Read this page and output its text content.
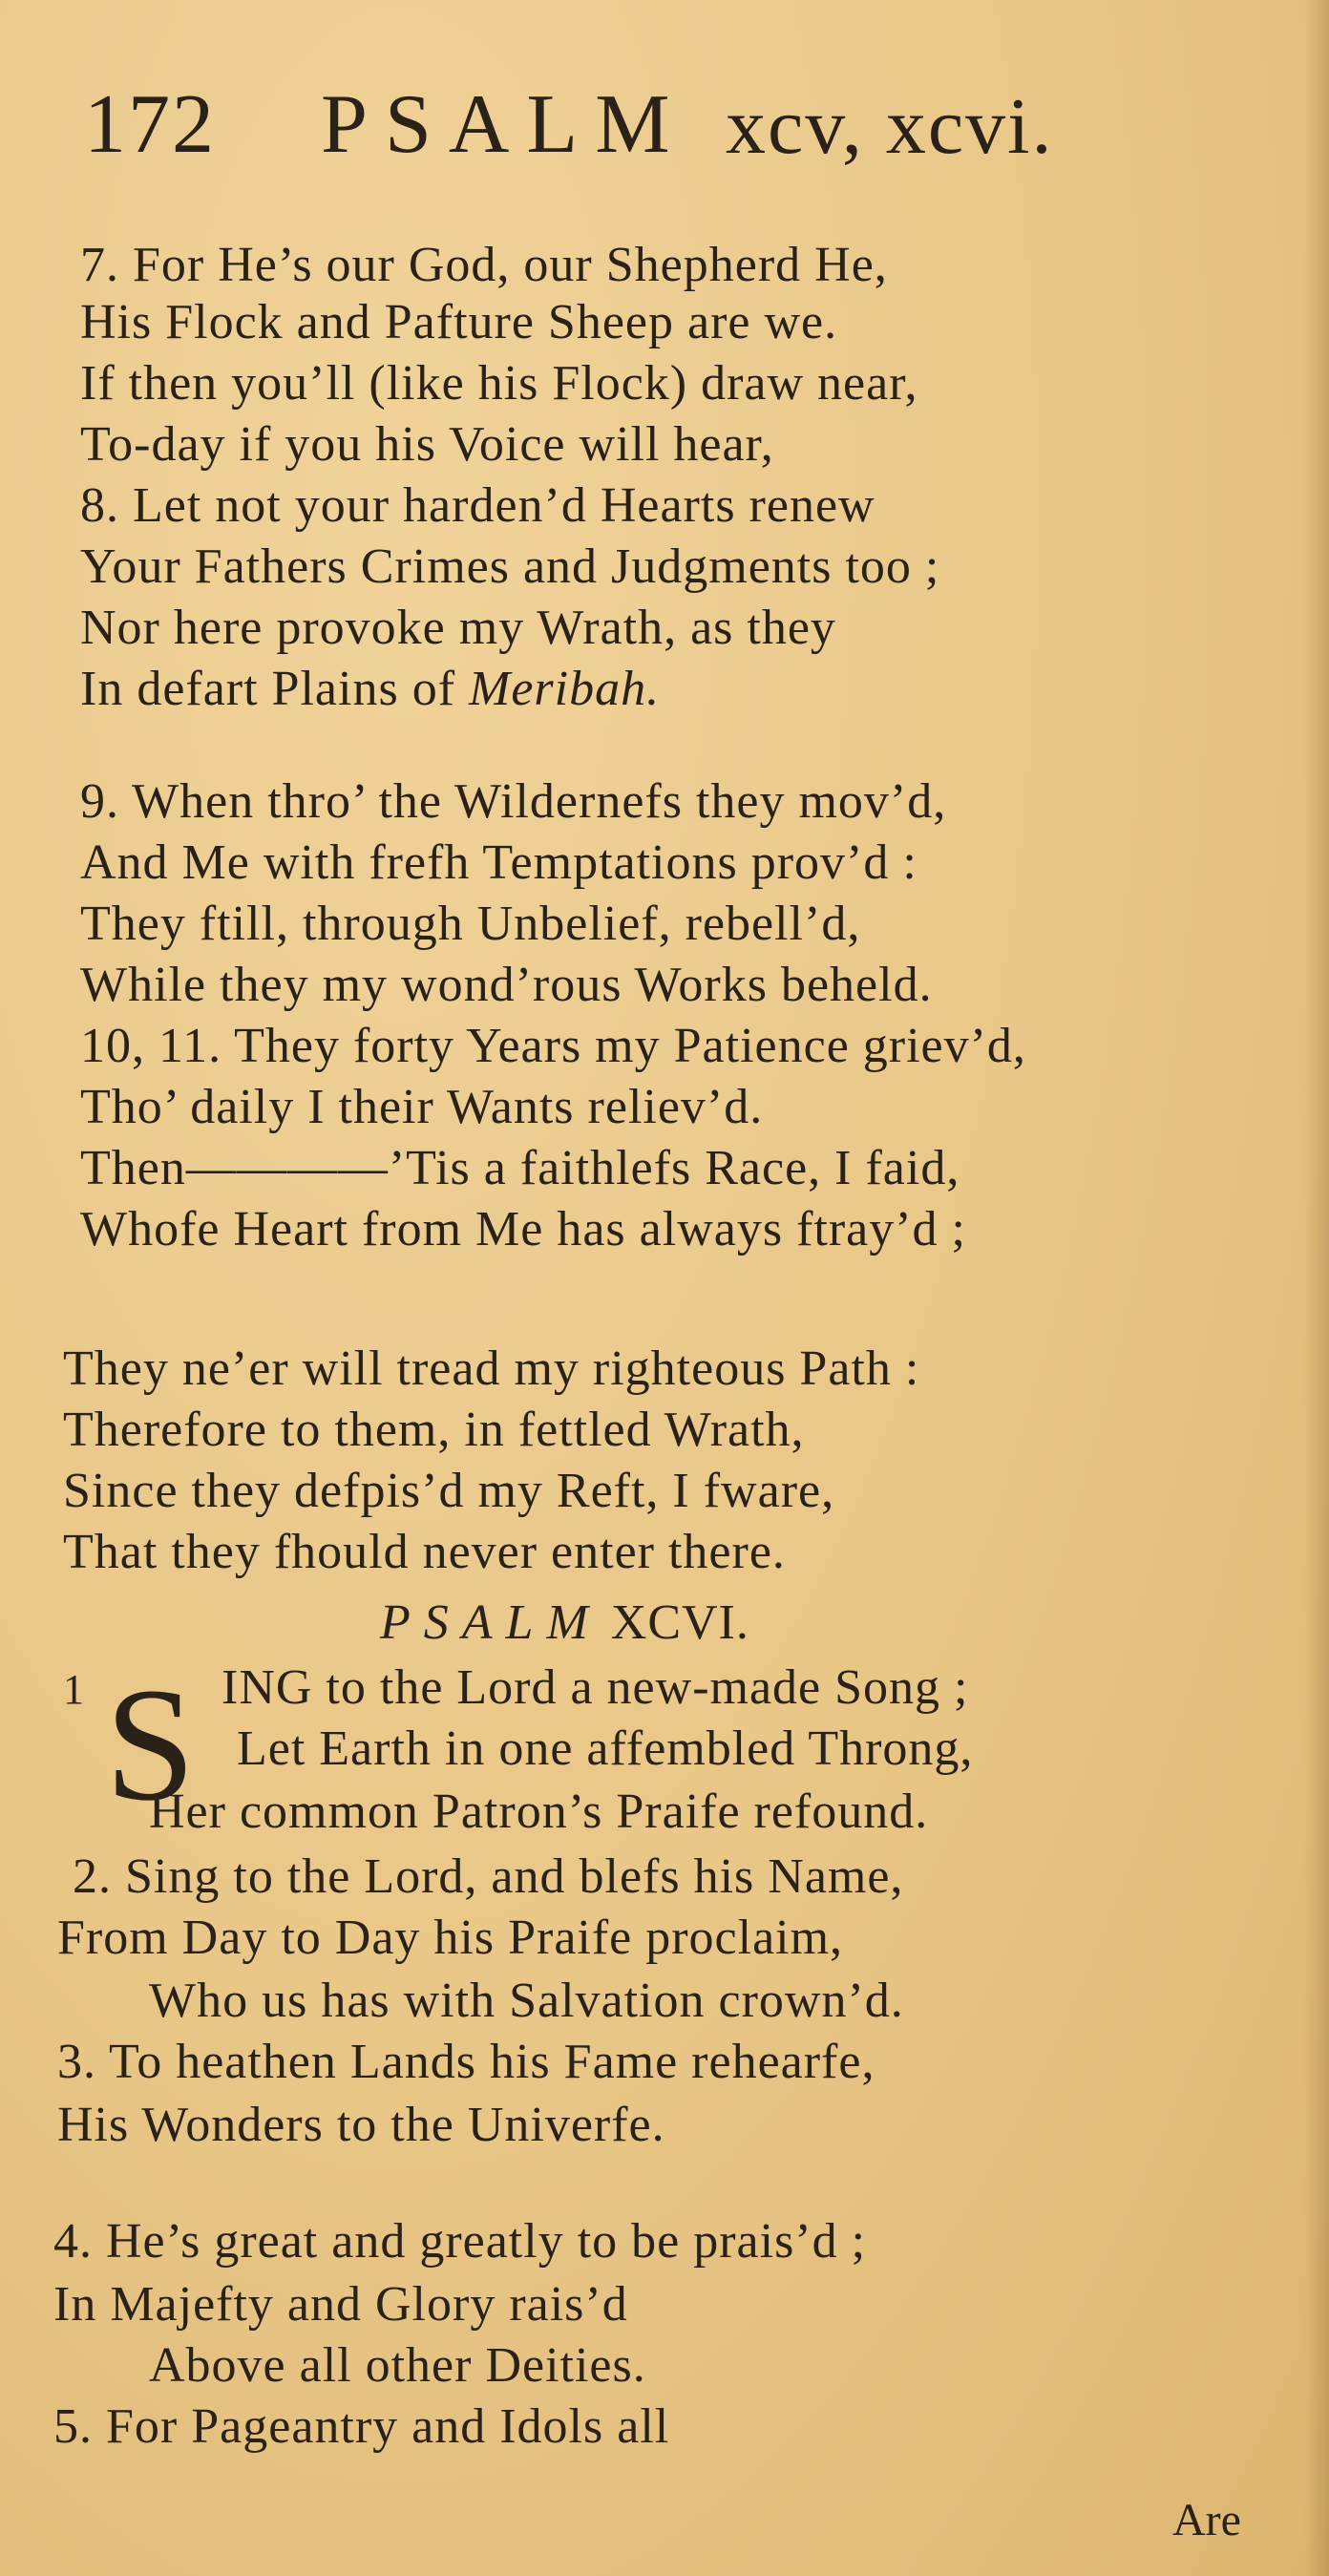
172 PSALM xcv, xcvi.
7. For He’s our God, our Shepherd He,
His Flock and Pafture Sheep are we.
If then you’ll (like his Flock) draw near,
To-day if you his Voice will hear,
8. Let not your harden’d Hearts renew
Your Fathers Crimes and Judgments too ;
Nor here provoke my Wrath, as they
In defart Plains of Meribah.
9. When thro’ the Wildernefs they mov’d,
And Me with frefh Temptations prov’d :
They ftill, through Unbelief, rebell’d,
While they my wond’rous Works beheld.
10, 11. They forty Years my Patience griev’d,
Tho’ daily I their Wants reliev’d.
Then————’Tis a faithlefs Race, I faid,
Whofe Heart from Me has always ftray’d ;
They ne’er will tread my righteous Path :
Therefore to them, in fettled Wrath,
Since they defpis’d my Reft, I fware,
That they fhould never enter there.
PSALM XCVI.
1 S ING to the Lord a new-made Song ;
Let Earth in one affembled Throng,
Her common Patron’s Praife refound.
2. Sing to the Lord, and blefs his Name,
From Day to Day his Praife proclaim,
Who us has with Salvation crown’d.
3. To heathen Lands his Fame rehearfe,
His Wonders to the Univerfe.
4. He’s great and greatly to be prais’d ;
In Majefty and Glory rais’d
Above all other Deities.
5. For Pageantry and Idols all
Are
